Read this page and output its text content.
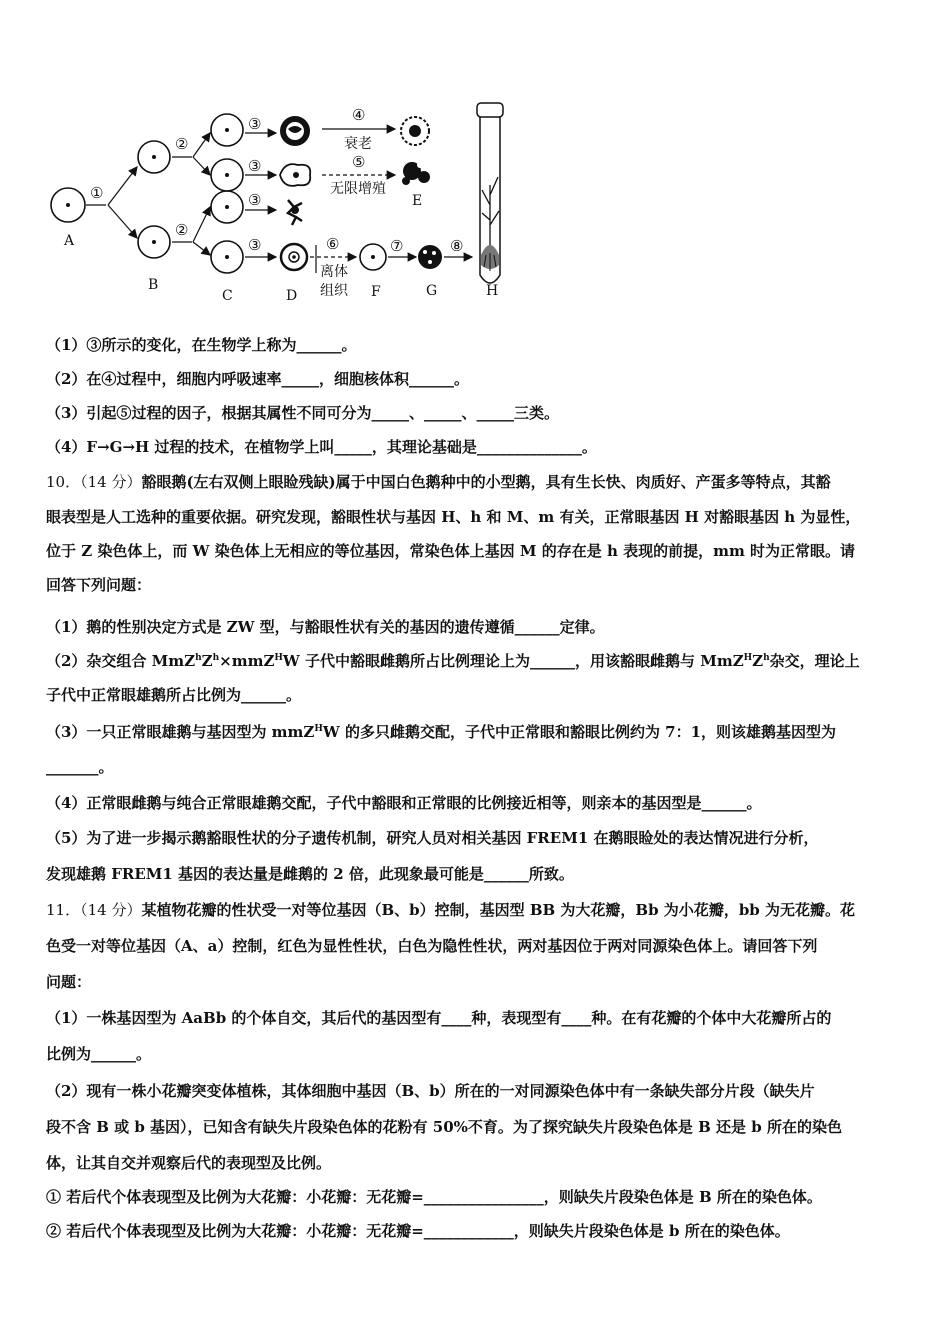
A
①
B
②
②
C
③
③
③
③
D
④
衰老
⑤
无限增殖
E
⑥
离体
组织 F
⑦
G
⑧
H
（1）③所示的变化，在生物学上称为______。
（2）在④过程中，细胞内呼吸速率_____，细胞核体积______。
（3）引起⑤过程的因子，根据其属性不同可分为_____、_____、_____三类。
（4）F→G→H 过程的技术，在植物学上叫_____，其理论基础是______________。
10．（14 分）豁眼鹅(左右双侧上眼睑残缺)属于中国白色鹅种中的小型鹅，具有生长快、肉质好、产蛋多等特点，其豁
眼表型是人工选种的重要依据。研究发现，豁眼性状与基因 H、h 和 M、m 有关，正常眼基因 H 对豁眼基因 h 为显性，
位于 Z 染色体上，而 W 染色体上无相应的等位基因，常染色体上基因 M 的存在是 h 表现的前提，mm 时为正常眼。请
回答下列问题：
（1）鹅的性别决定方式是 ZW 型，与豁眼性状有关的基因的遗传遵循______定律。
（2）杂交组合 $MmZ^hZ^h\times mmZ^HW$ 子代中豁眼雌鹅所占比例理论上为______，用该豁眼雌鹅与 $MmZ^HZ^h$杂交，理论上
子代中正常眼雄鹅所占比例为______。
（3）一只正常眼雄鹅与基因型为 mmZ$^H$W 的多只雌鹅交配，子代中正常眼和豁眼比例约为 7：1，则该雄鹅基因型为
_______。
（4）正常眼雌鹅与纯合正常眼雄鹅交配，子代中豁眼和正常眼的比例接近相等，则亲本的基因型是______。
（5）为了进一步揭示鹅豁眼性状的分子遗传机制，研究人员对相关基因 FREM1 在鹅眼睑处的表达情况进行分析，
发现雄鹅 FREM1 基因的表达量是雌鹅的 2 倍，此现象最可能是______所致。
11．（14 分）某植物花瓣的性状受一对等位基因（B、b）控制，基因型 BB 为大花瓣，Bb 为小花瓣，bb 为无花瓣。花
色受一对等位基因（A、a）控制，红色为显性性状，白色为隐性性状，两对基因位于两对同源染色体上。请回答下列
问题：
（1）一株基因型为 AaBb 的个体自交，其后代的基因型有____种，表现型有____种。在有花瓣的个体中大花瓣所占的
比例为______。
（2）现有一株小花瓣突变体植株，其体细胞中基因（B、b）所在的一对同源染色体中有一条缺失部分片段（缺失片
段不含 B 或 b 基因），已知含有缺失片段染色体的花粉有 50%不育。为了探究缺失片段染色体是 B 还是 b 所在的染色
体，让其自交并观察后代的表现型及比例。
① 若后代个体表现型及比例为大花瓣：小花瓣：无花瓣=________________，则缺失片段染色体是 B 所在的染色体。
② 若后代个体表现型及比例为大花瓣：小花瓣：无花瓣=____________，则缺失片段染色体是 b 所在的染色体。
